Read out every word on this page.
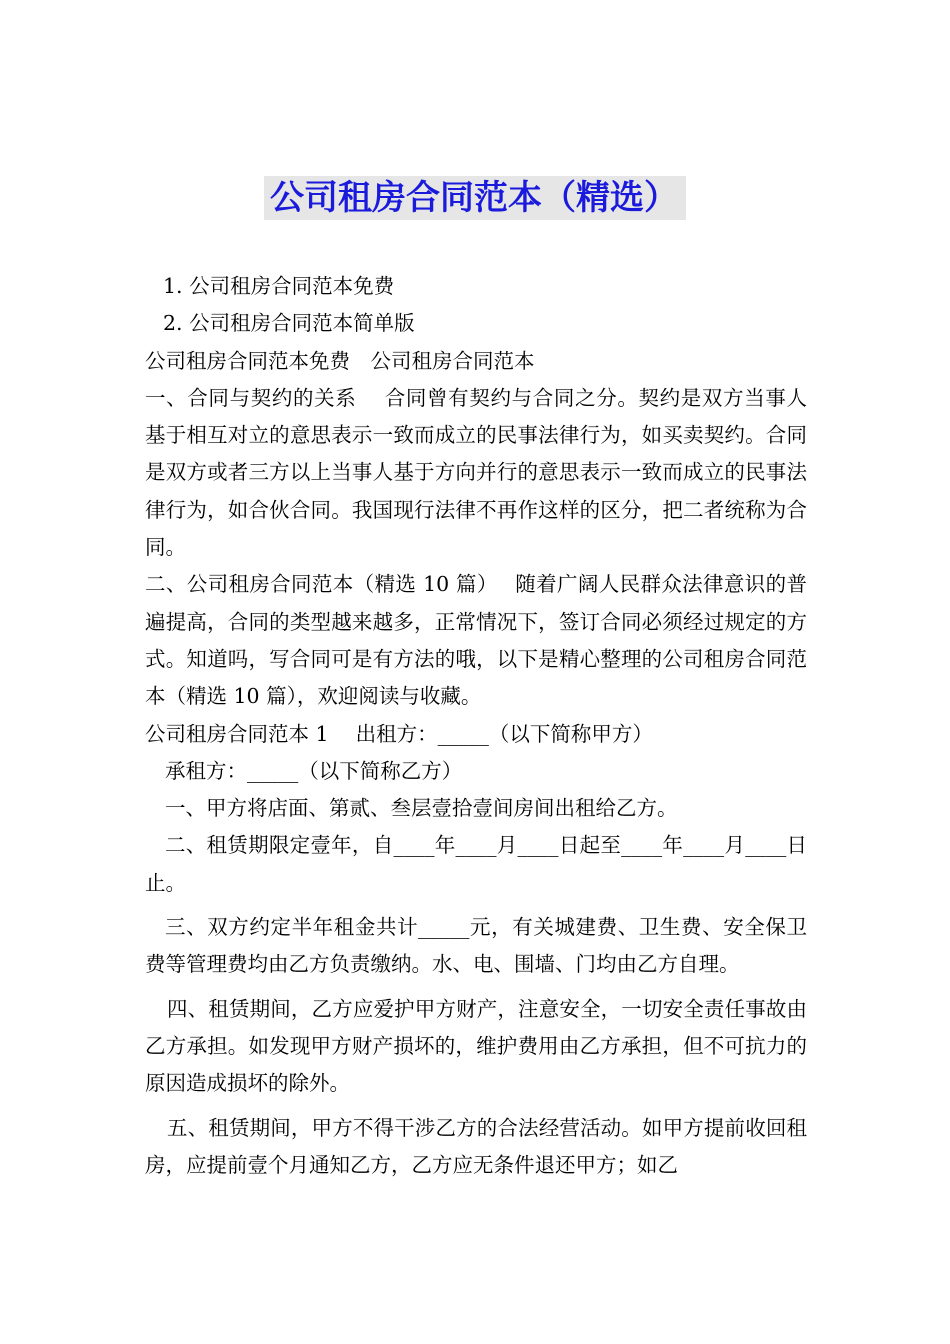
公司租房合同范本（精选）

1. 公司租房合同范本免费

2. 公司租房合同范本简单版

公司租房合同范本免费　公司租房合同范本

一、合同与契约的关系　 合同曾有契约与合同之分。契约是双方当事人基于相互对立的意思表示一致而成立的民事法律行为，如买卖契约。合同是双方或者三方以上当事人基于方向并行的意思表示一致而成立的民事法律行为，如合伙合同。我国现行法律不再作这样的区分，把二者统称为合同。

二、公司租房合同范本（精选 10 篇）　 随着广阔人民群众法律意识的普遍提高，合同的类型越来越多，正常情况下，签订合同必须经过规定的方式。知道吗，写合同可是有方法的哦，以下是精心整理的公司租房合同范本（精选 10 篇），欢迎阅读与收藏。

公司租房合同范本 1　 出租方：_____（以下简称甲方）

承租方：_____（以下简称乙方）

一、甲方将店面、第贰、叁层壹拾壹间房间出租给乙方。

二、租赁期限定壹年，自____年____月____日起至____年____月____日止。

三、双方约定半年租金共计_____元，有关城建费、卫生费、安全保卫费等管理费均由乙方负责缴纳。水、电、围墙、门均由乙方自理。

四、租赁期间，乙方应爱护甲方财产，注意安全，一切安全责任事故由乙方承担。如发现甲方财产损坏的，维护费用由乙方承担，但不可抗力的原因造成损坏的除外。

五、租赁期间，甲方不得干涉乙方的合法经营活动。如甲方提前收回租房，应提前壹个月通知乙方，乙方应无条件退还甲方；如乙
